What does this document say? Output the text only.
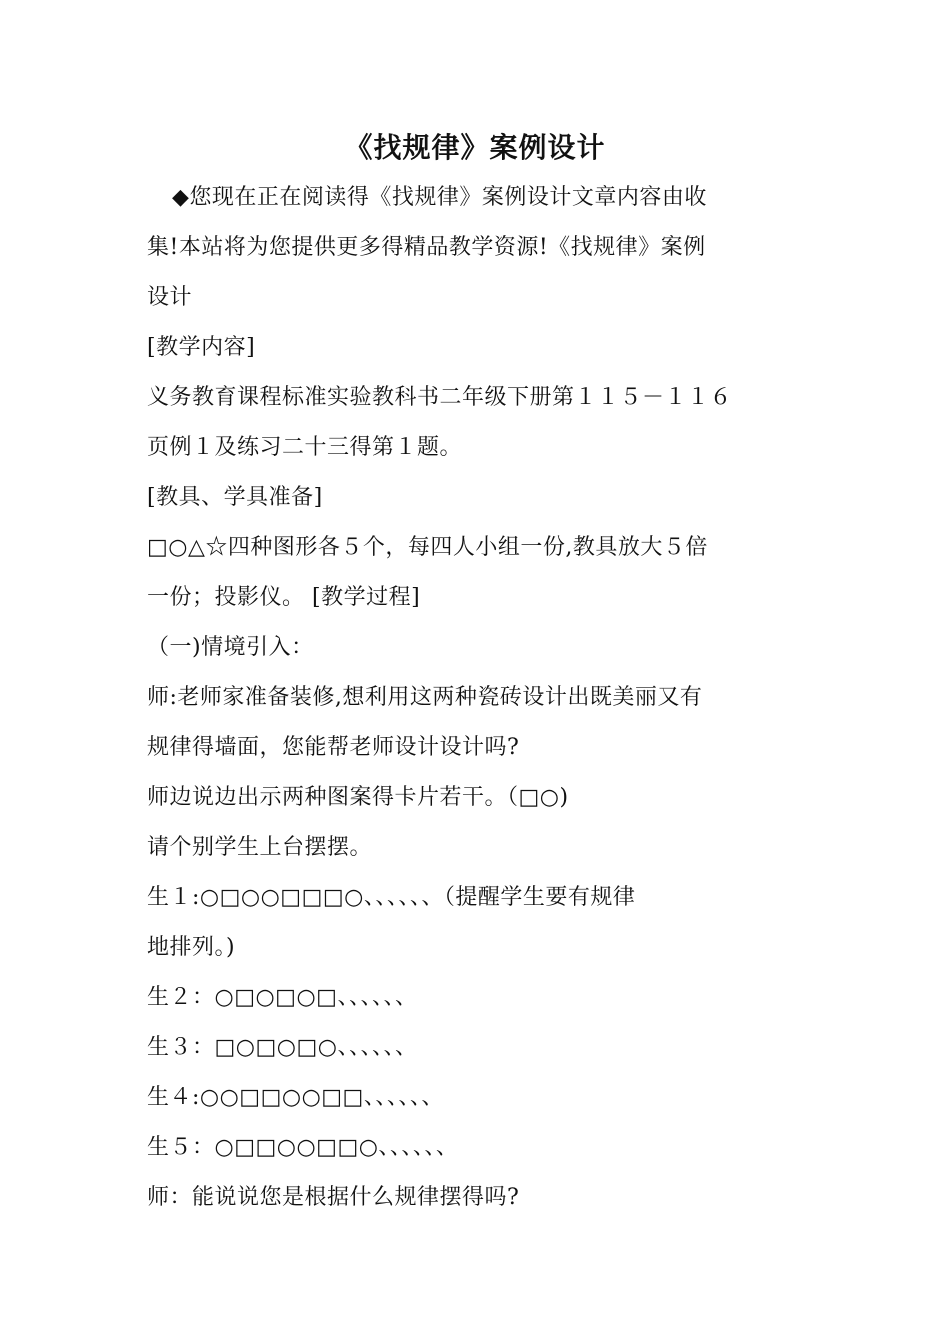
《找规律》案例设计
◆您现在正在阅读得《找规律》案例设计文章内容由收
集!本站将为您提供更多得精品教学资源!《找规律》案例
设计
[教学内容]
义务教育课程标准实验教科书二年级下册第１１５－１１６
页例１及练习二十三得第１题。
[教具、学具准备]
□○△☆四种图形各５个，每四人小组一份,教具放大５倍
一份；投影仪。 [教学过程]
（一)情境引入：
师:老师家准备装修,想利用这两种瓷砖设计出既美丽又有
规律得墙面，您能帮老师设计设计吗?
师边说边出示两种图案得卡片若干。（□○)
请个别学生上台摆摆。
生１:○□○○□□□○、、、、、、（提醒学生要有规律
地排列。)
生２：○□○□○□、、、、、、
生３：□○□○□○、、、、、、
生４:○○□□○○□□、、、、、、
生５：○□□○○□□○、、、、、、
师：能说说您是根据什么规律摆得吗?
